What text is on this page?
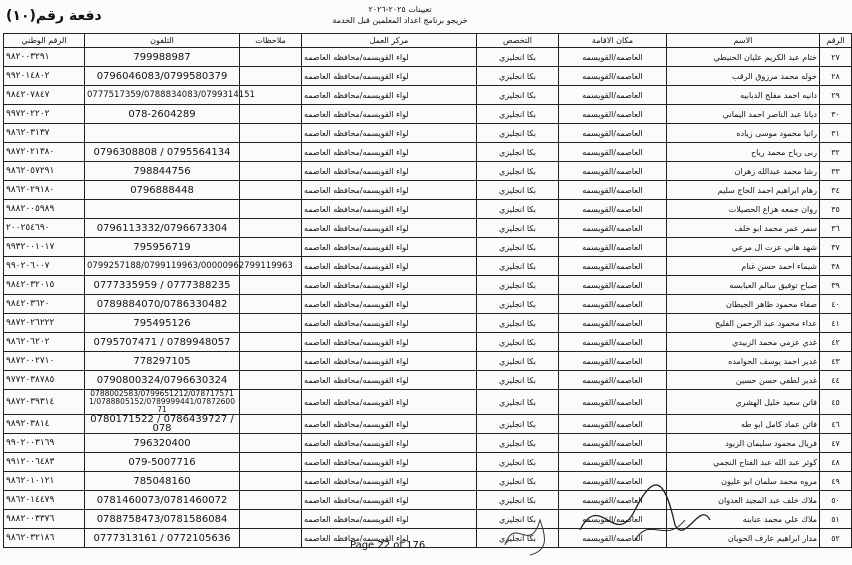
دفعة رقم(١٠)	تعيينات ٢٠٢٥-٢٠٢٦
خريجو برنامج اعداد المعلمين قبل الخدمة
الرقم	الاسم	مكان الاقامة	التخصص	مركز العمل	ملاحظات	التلفون	الرقم الوطني
٢٧	ختام عبد الكريم عليان الحنيطي	العاصمه/القويسمه	بكا انجليزي	لواء القويسمه/محافظه العاصمه		799988987	٩٨٢٠٠٣٢٩١
٢٨	خوله محمد مرزوق الرقب	العاصمه/القويسمه	بكا انجليزي	لواء القويسمه/محافظه العاصمه		0796046083/0799580379	٩٩٢٠١٤٨٠٢
٢٩	دانيه احمد مفلح الدبابيه	العاصمه/القويسمه	بكا انجليزي	لواء القويسمه/محافظه العاصمه		0777517359/0788834083/0799314151	٩٨٤٢٠٧٨٤٧
٣٠	ديانا عبد الناصر احمد اليماني	العاصمه/القويسمه	بكا انجليزي	لواء القويسمه/محافظه العاصمه		078-2604289	٩٩٧٢٠٢٢٠٢
٣١	رانيا محمود موسى زياده	العاصمه/القويسمه	بكا انجليزي	لواء القويسمه/محافظه العاصمه			٩٨٦٢٠٣١٣٧
٣٢	ربى رياح محمد رياح	العاصمه/القويسمه	بكا انجليزي	لواء القويسمه/محافظه العاصمه		0796308808 / 0795564134	٩٨٧٢٠٢١٣٨٠
٣٣	رشا محمد عبدالله زهران	العاصمه/القويسمه	بكا انجليزي	لواء القويسمه/محافظه العاصمه		798844756	٩٨٦٢٠٥٧٢٩١
٣٤	رهام ابراهيم احمد الحاج سليم	العاصمه/القويسمه	بكا انجليزي	لواء القويسمه/محافظه العاصمه		0796888448	٩٨٦٢٠٢٩١٨٠
٣٥	روان جمعه هزاع الحصيلات	العاصمه/القويسمه	بكا انجليزي	لواء القويسمه/محافظه العاصمه			٩٨٨٢٠٠٥٩٨٩
٣٦	سمر عمر محمد ابو خلف	العاصمه/القويسمه	بكا انجليزي	لواء القويسمه/محافظه العاصمه		0796113332/0796673304	٢٠٠٢٥٤٦٩٠
٣٧	شهد هاني عزت ال مرعي	العاصمه/القويسمه	بكا انجليزي	لواء القويسمه/محافظه العاصمه		795956719	٩٩٣٢٠٠١٠١٧
٣٨	شيماء احمد حسن غنام	العاصمه/القويسمه	بكا انجليزي	لواء القويسمه/محافظه العاصمه		0799257188/0799119963/00000962799119963	٩٩٠٢٠٦٠٠٧
٣٩	صباح توفيق سالم العبابسه	العاصمه/القويسمه	بكا انجليزي	لواء القويسمه/محافظه العاصمه		0777335959 / 0777388235	٩٨٤٢٠٣٢٠١٥
٤٠	صفاء محمود طاهر الجيطان	العاصمه/القويسمه	بكا انجليزي	لواء القويسمه/محافظه العاصمه		0789884070/0786330482	٩٨٤٢٠٣٦٢٠
٤١	عداء محمود عبد الرحمن الفليح	العاصمه/القويسمه	بكا انجليزي	لواء القويسمه/محافظه العاصمه		795495126	٩٨٧٢٠٢٦٢٢٢
٤٢	غدي عزمي محمد الزبيدي	العاصمه/القويسمه	بكا انجليزي	لواء القويسمه/محافظه العاصمه		0795707471 / 0789948057	٩٨٦٢٠٦٢٠٢
٤٣	غدير احمد يوسف الحوامده	العاصمه/القويسمه	بكا انجليزي	لواء القويسمه/محافظه العاصمه		778297105	٩٨٧٢٠٠٢٧١٠
٤٤	غدير لطفي حسن حسين	العاصمه/القويسمه	بكا انجليزي	لواء القويسمه/محافظه العاصمه		0790800324/0796630324	٩٧٧٢٠٣٨٧٨٥
٤٥	فاتن سعيد خليل الهشري	العاصمه/القويسمه	بكا انجليزي	لواء القويسمه/محافظه العاصمه		0788002583/0799651212/0787175711/0788805152/0789999441/0787260071	٩٨٧٢٠٣٩٣١٤
٤٦	فاتن عماد كامل ابو طه	العاصمه/القويسمه	بكا انجليزي	لواء القويسمه/محافظه العاصمه		0780171522 / 0786439727 / 078	٩٨٩٢٠٣٨١٤
٤٧	فريال محمود سليمان الزيود	العاصمه/القويسمه	بكا انجليزي	لواء القويسمه/محافظه العاصمه		796320400	٩٩٠٢٠٠٣١٦٩
٤٨	كوثر عبد الله عبد الفتاح النجمي	العاصمه/القويسمه	بكا انجليزي	لواء القويسمه/محافظه العاصمه		079-5007716	٩٩١٢٠٠٦٤٨٣
٤٩	مروه محمد سلمان ابو عليون	العاصمه/القويسمه	بكا انجليزي	لواء القويسمه/محافظه العاصمه		785048160	٩٨٦٢٠١٠١٢١
٥٠	ملاك خلف عبد المجيد العدوان	العاصمه/القويسمه	بكا انجليزي	لواء القويسمه/محافظه العاصمه		0781460073/0781460072	٩٨٦٢٠١٤٤٧٩
٥١	ملاك علي محمد عنابنه	العاصمه/القويسمه	بكا انجليزي	لواء القويسمه/محافظه العاصمه		0788758473/0781586084	٩٨٨٢٠٠٣٣٧٦
٥٢	مدار ابراهيم عارف الحويان	العاصمه/القويسمه	بكا انجليزي	لواء القويسمه/محافظه العاصمه		0777313161 / 0772105636	٩٨٦٢٠٣٢١٨٦
Page 22 of 176
